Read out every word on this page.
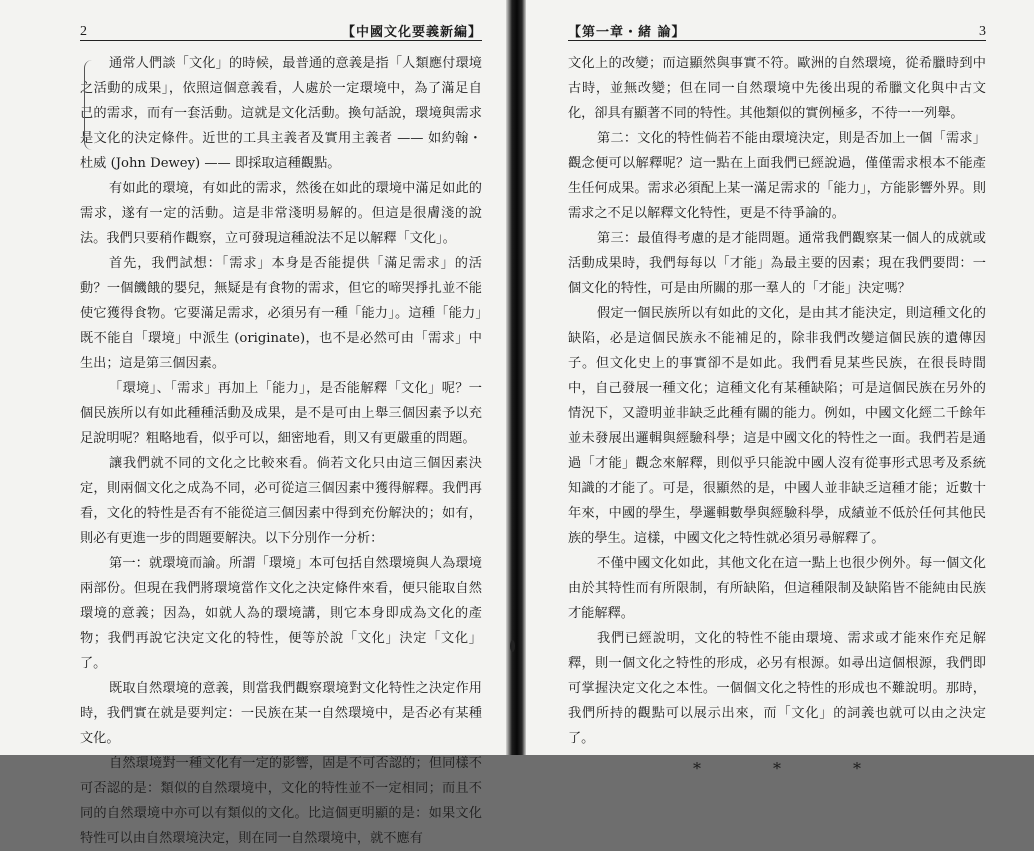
2	【中國文化要義新編】

通常人們談「文化」的時候，最普通的意義是指「人類應付環境之活動的成果」，依照這個意義看，人處於一定環境中，為了滿足自己的需求，而有一套活動。這就是文化活動。換句話說，環境與需求是文化的決定條件。近世的工具主義者及實用主義者 —— 如約翰・杜威 (John Dewey) —— 即採取這種觀點。

有如此的環境，有如此的需求，然後在如此的環境中滿足如此的需求，遂有一定的活動。這是非常淺明易解的。但這是很膚淺的說法。我們只要稍作觀察，立可發現這種說法不足以解釋「文化」。

首先，我們試想：「需求」本身是否能提供「滿足需求」的活動？一個饑餓的嬰兒，無疑是有食物的需求，但它的啼哭掙扎並不能使它獲得食物。它要滿足需求，必須另有一種「能力」。這種「能力」既不能自「環境」中派生 (originate)，也不是必然可由「需求」中生出；這是第三個因素。

「環境」、「需求」再加上「能力」，是否能解釋「文化」呢？一個民族所以有如此種種活動及成果，是不是可由上舉三個因素予以充足說明呢？粗略地看，似乎可以，細密地看，則又有更嚴重的問題。

讓我們就不同的文化之比較來看。倘若文化只由這三個因素決定，則兩個文化之成為不同，必可從這三個因素中獲得解釋。我們再看，文化的特性是否有不能從這三個因素中得到充份解決的；如有，則必有更進一步的問題要解決。以下分別作一分析：

第一：就環境而論。所謂「環境」本可包括自然環境與人為環境兩部份。但現在我們將環境當作文化之決定條件來看，便只能取自然環境的意義；因為，如就人為的環境講，則它本身即成為文化的產物；我們再說它決定文化的特性，便等於說「文化」決定「文化」了。

既取自然環境的意義，則當我們觀察環境對文化特性之決定作用時，我們實在就是要判定：一民族在某一自然環境中，是否必有某種文化。

自然環境對一種文化有一定的影響，固是不可否認的；但同樣不可否認的是：類似的自然環境中，文化的特性並不一定相同；而且不同的自然環境中亦可以有類似的文化。比這個更明顯的是：如果文化特性可以由自然環境決定，則在同一自然環境中，就不應有

【第一章・緒 論】	3

文化上的改變；而這顯然與事實不符。歐洲的自然環境，從希臘時到中古時，並無改變；但在同一自然環境中先後出現的希臘文化與中古文化，卻具有顯著不同的特性。其他類似的實例極多，不待一一列舉。

第二：文化的特性倘若不能由環境決定，則是否加上一個「需求」觀念便可以解釋呢？這一點在上面我們已經說過，僅僅需求根本不能產生任何成果。需求必須配上某一滿足需求的「能力」，方能影響外界。則需求之不足以解釋文化特性，更是不待爭論的。

第三：最值得考慮的是才能問題。通常我們觀察某一個人的成就或活動成果時，我們每每以「才能」為最主要的因素；現在我們要問：一個文化的特性，可是由所關的那一羣人的「才能」決定嗎？

假定一個民族所以有如此的文化，是由其才能決定，則這種文化的缺陷，必是這個民族永不能補足的，除非我們改變這個民族的遺傳因子。但文化史上的事實卻不是如此。我們看見某些民族，在很長時間中，自己發展一種文化；這種文化有某種缺陷；可是這個民族在另外的情況下，又證明並非缺乏此種有關的能力。例如，中國文化經二千餘年並未發展出邏輯與經驗科學；這是中國文化的特性之一面。我們若是通過「才能」觀念來解釋，則似乎只能說中國人沒有從事形式思考及系統知識的才能了。可是，很顯然的是，中國人並非缺乏這種才能；近數十年來，中國的學生，學邏輯數學與經驗科學，成績並不低於任何其他民族的學生。這樣，中國文化之特性就必須另尋解釋了。

不僅中國文化如此，其他文化在這一點上也很少例外。每一個文化由於其特性而有所限制，有所缺陷，但這種限制及缺陷皆不能純由民族才能解釋。

我們已經說明，文化的特性不能由環境、需求或才能來作充足解釋，則一個文化之特性的形成，必另有根源。如尋出這個根源，我們即可掌握決定文化之本性。一個個文化之特性的形成也不難說明。那時，我們所持的觀點可以展示出來，而「文化」的詞義也就可以由之決定了。

*	*	*
